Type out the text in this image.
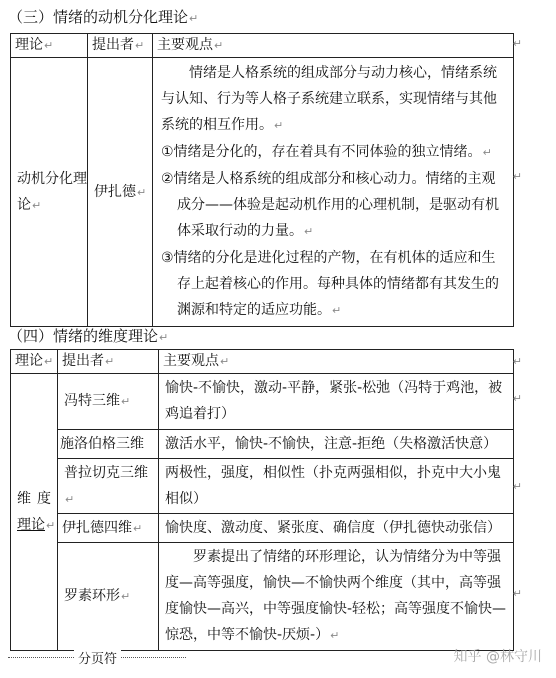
（三）情绪的动机分化理论↵
理论↵	提出者↵	主要观点↵
动机分化理论↵	伊扎德↵	情绪是人格系统的组成部分与动力核心，情绪系统与认知、行为等人格子系统建立联系，实现情绪与其他系统的相互作用。↵

①情绪是分化的，存在着具有不同体验的独立情绪。↵

②情绪是人格系统的组成部分和核心动力。情绪的主观成分——体验是起动机作用的心理机制，是驱动有机体采取行动的力量。↵

③情绪的分化是进化过程的产物，在有机体的适应和生存上起着核心的作用。每种具体的情绪都有其发生的渊源和特定的适应功能。↵

（四）情绪的维度理论↵
理论↵	提出者↵	主要观点↵

维度
理论↵	冯特三维↵	愉快-不愉快，激动-平静，紧张-松弛（冯特于鸡池，被鸡追着打）
	施洛伯格三维	激活水平，愉快-不愉快，注意-拒绝（失格激活快意）
	普拉切克三维↵	两极性，强度，相似性（扑克两强相似，扑克中大小鬼相似）
	伊扎德四维↵	愉快度、激动度、紧张度、确信度（伊扎德快动张信）
	罗素环形↵	罗素提出了情绪的环形理论，认为情绪分为中等强度—高等强度，愉快—不愉快两个维度（其中，高等强度愉快—高兴，中等强度愉快-轻松；高等强度不愉快—惊恐，中等不愉快-厌烦-）↵
↵
↵
↵
↵
↵
↵
分页符	知乎 @林守川
